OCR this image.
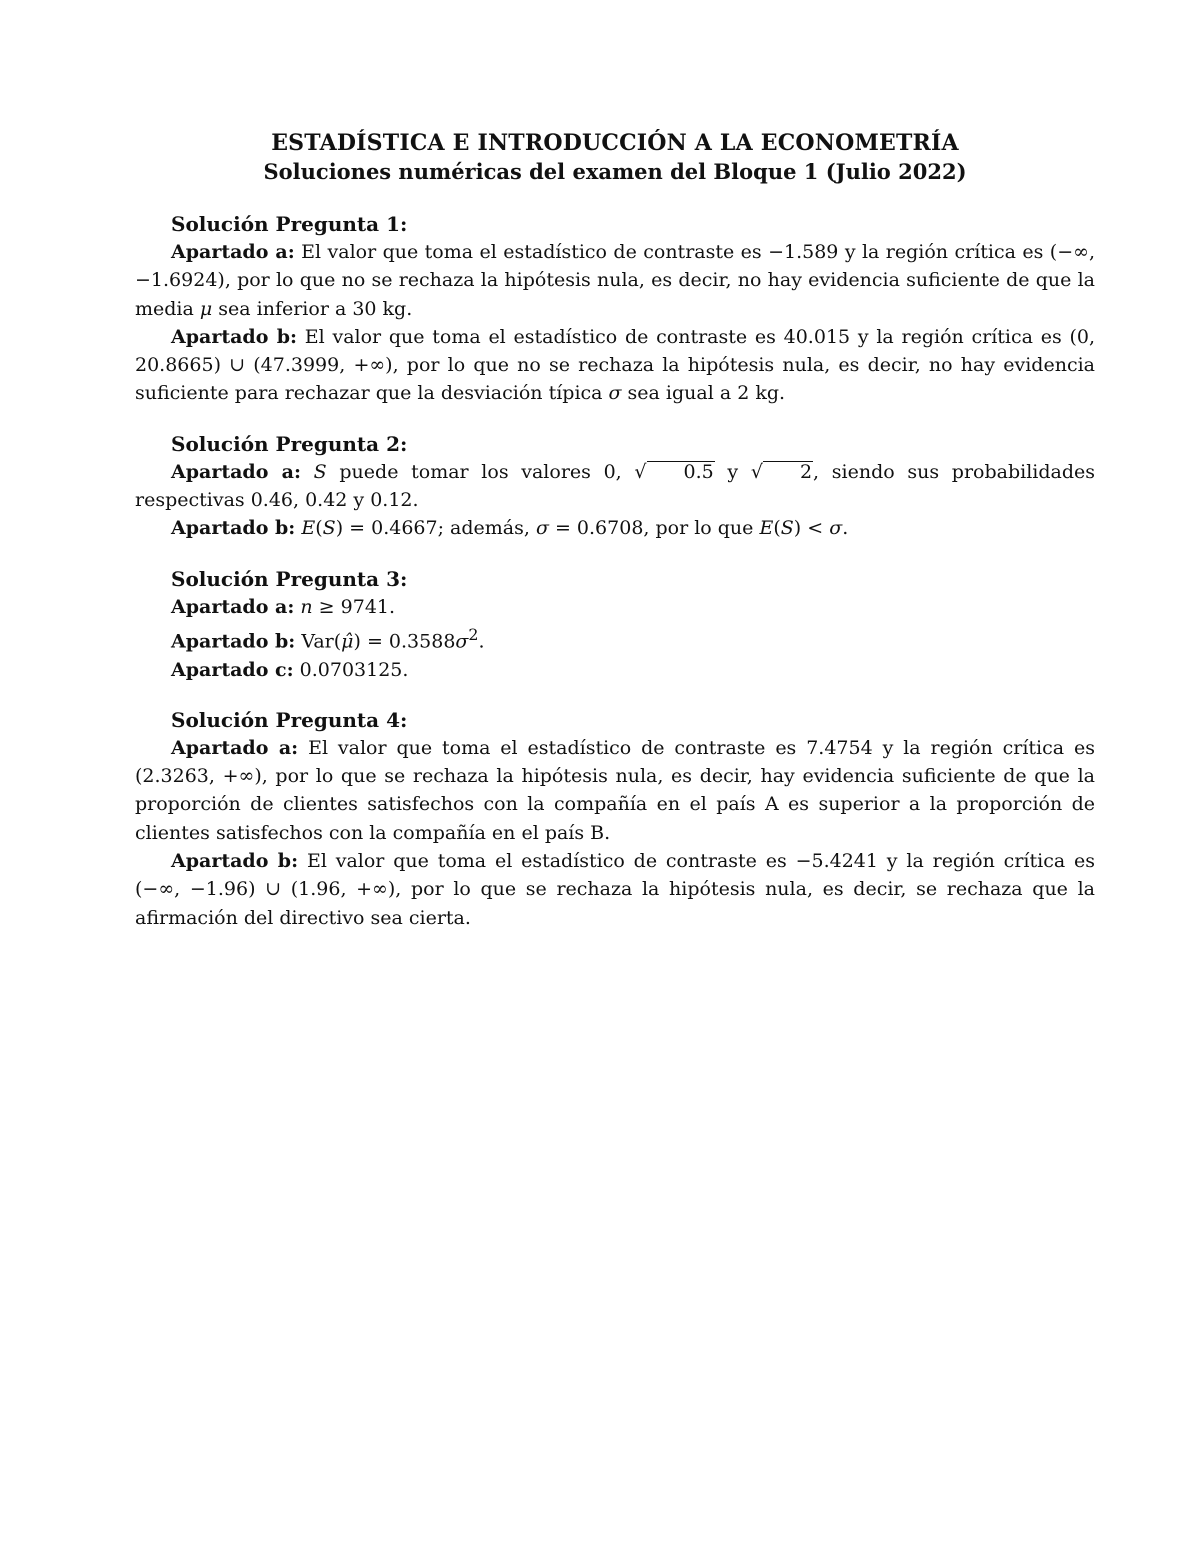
ESTADÍSTICA E INTRODUCCIÓN A LA ECONOMETRÍA
Soluciones numéricas del examen del Bloque 1 (Julio 2022)
Solución Pregunta 1:
Apartado a: El valor que toma el estadístico de contraste es −1.589 y la región crítica es (−∞, −1.6924), por lo que no se rechaza la hipótesis nula, es decir, no hay evidencia suficiente de que la media μ sea inferior a 30 kg.
Apartado b: El valor que toma el estadístico de contraste es 40.015 y la región crítica es (0, 20.8665) ∪ (47.3999, +∞), por lo que no se rechaza la hipótesis nula, es decir, no hay evidencia suficiente para rechazar que la desviación típica σ sea igual a 2 kg.
Solución Pregunta 2:
Apartado a: S puede tomar los valores 0, √ 0.5 y √ 2, siendo sus probabilidades respectivas 0.46, 0.42 y 0.12.
Apartado b: E(S) = 0.4667; además, σ = 0.6708, por lo que E(S) < σ.
Solución Pregunta 3:
Apartado a: n ≥ 9741.
Apartado b: Var(μ̂) = $0.3588\sigma^2$.
Apartado c: 0.0703125.
Solución Pregunta 4:
Apartado a: El valor que toma el estadístico de contraste es 7.4754 y la región crítica es (2.3263, +∞), por lo que se rechaza la hipótesis nula, es decir, hay evidencia suficiente de que la proporción de clientes satisfechos con la compañía en el país A es superior a la proporción de clientes satisfechos con la compañía en el país B.
Apartado b: El valor que toma el estadístico de contraste es −5.4241 y la región crítica es (−∞, −1.96) ∪ (1.96, +∞), por lo que se rechaza la hipótesis nula, es decir, se rechaza que la afirmación del directivo sea cierta.
